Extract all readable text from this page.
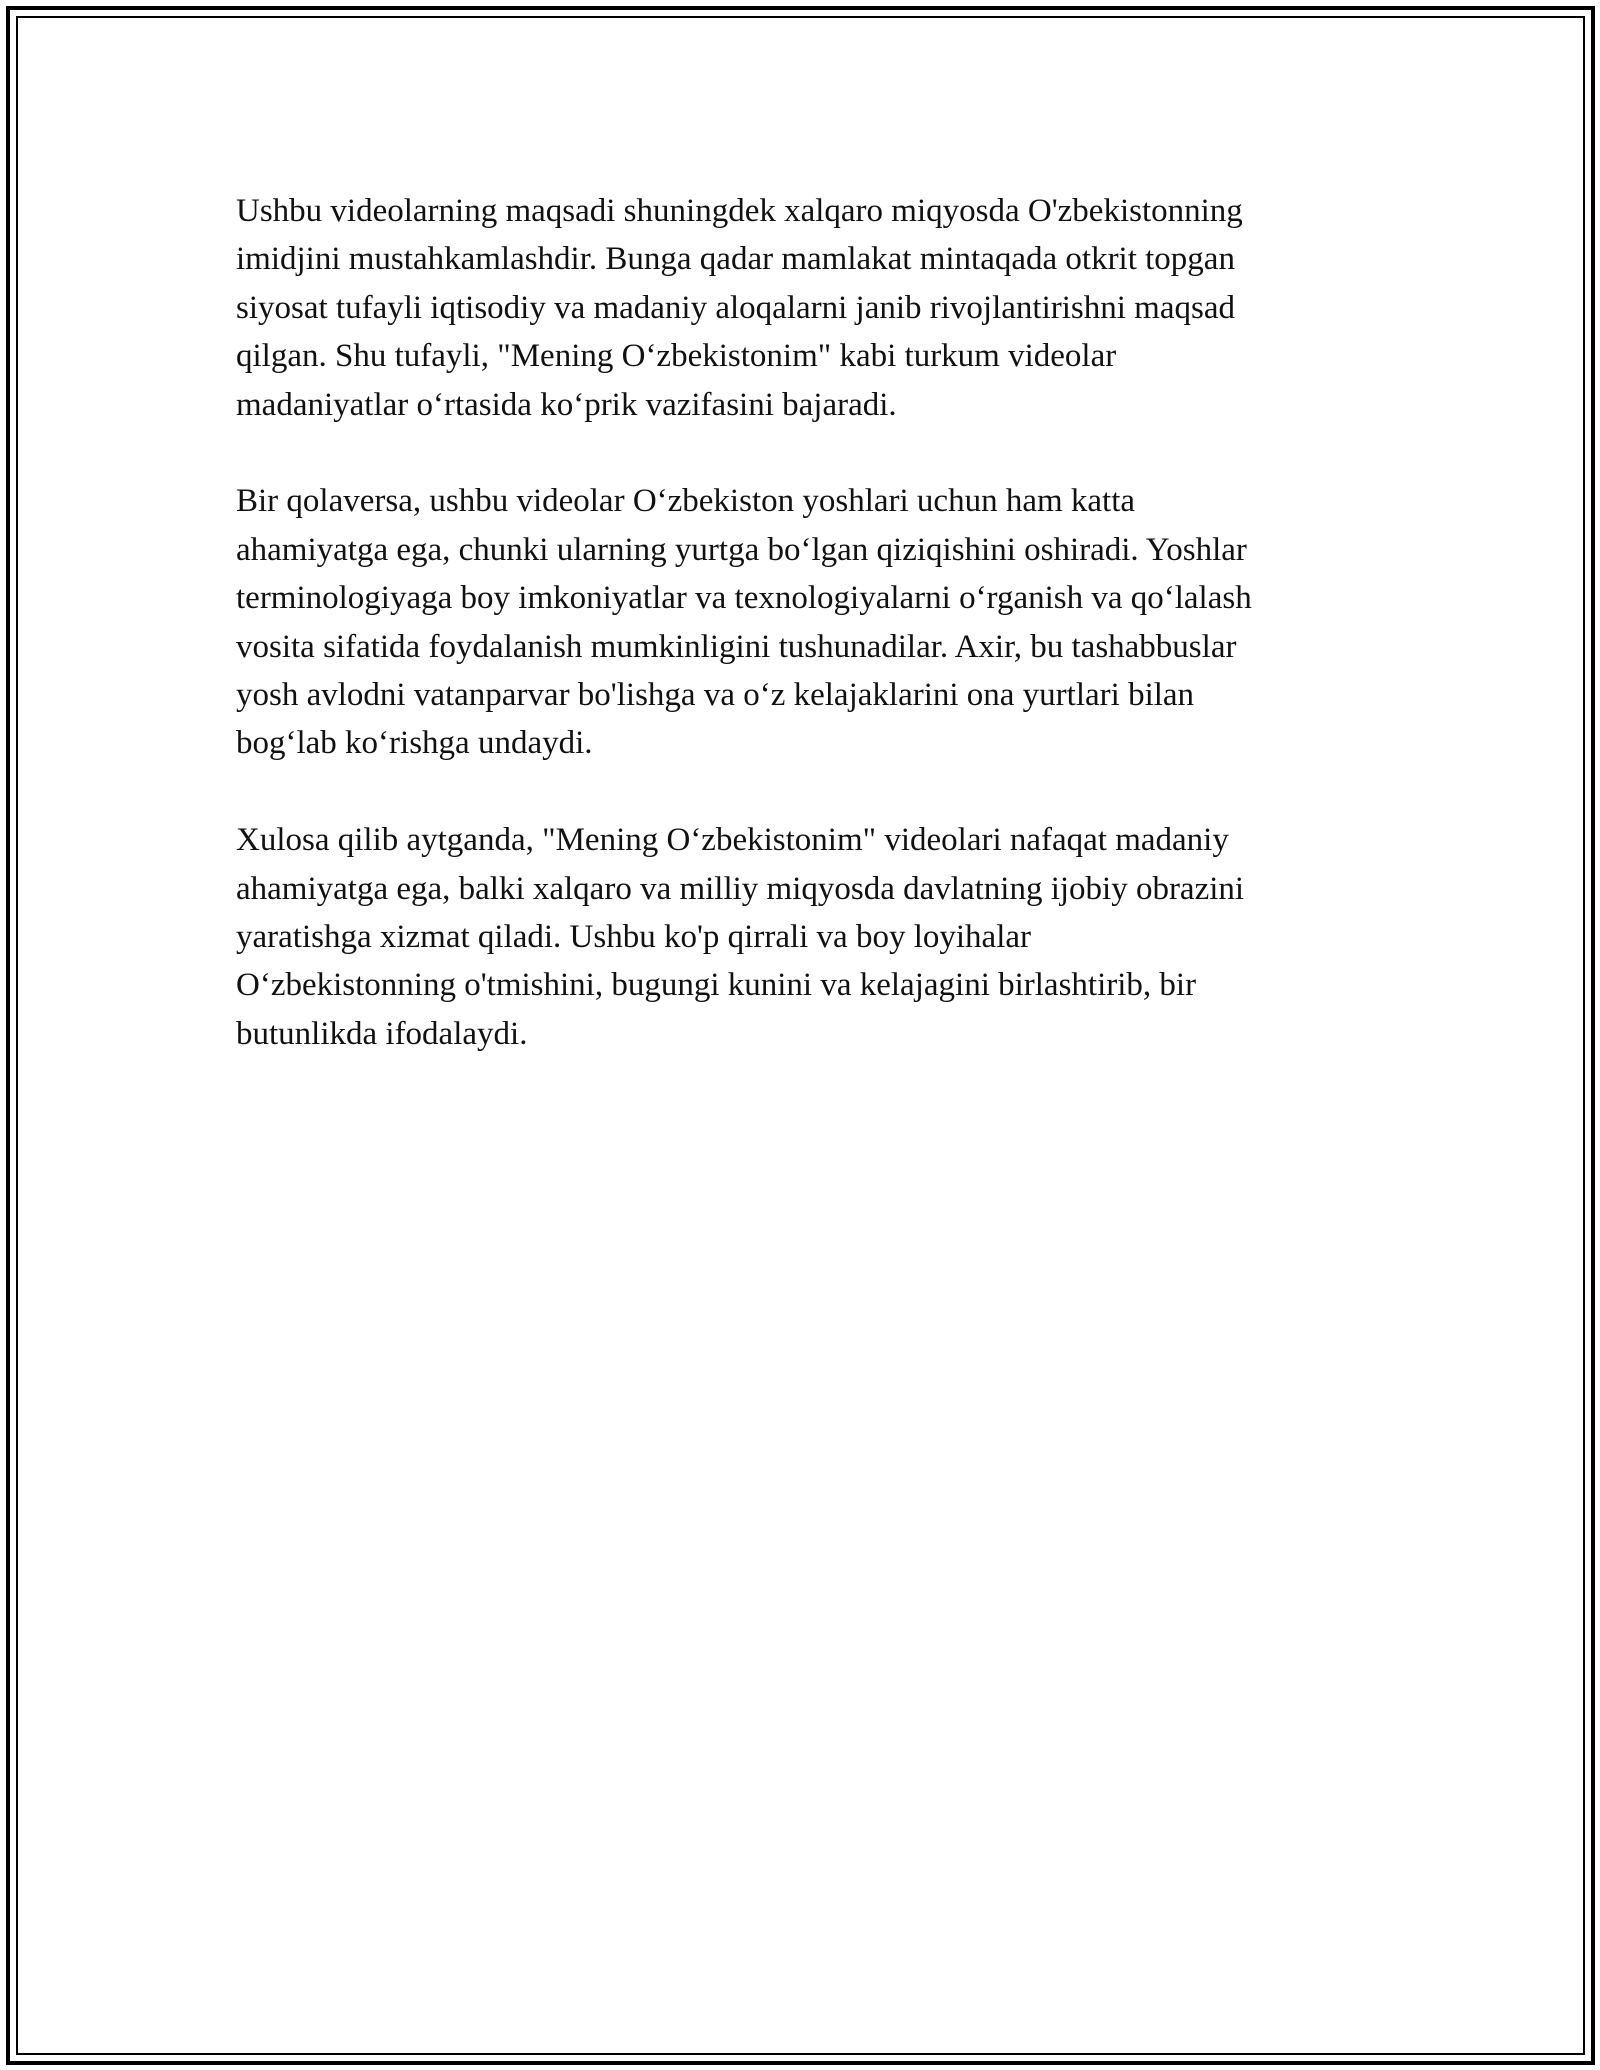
Ushbu videolarning maqsadi shuningdek xalqaro miqyosda O'zbekistonning
imidjini mustahkamlashdir. Bunga qadar mamlakat mintaqada otkrit topgan
siyosat tufayli iqtisodiy va madaniy aloqalarni janib rivojlantirishni maqsad
qilgan. Shu tufayli, "Mening O‘zbekistonim" kabi turkum videolar
madaniyatlar o‘rtasida ko‘prik vazifasini bajaradi.

Bir qolaversa, ushbu videolar O‘zbekiston yoshlari uchun ham katta
ahamiyatga ega, chunki ularning yurtga bo‘lgan qiziqishini oshiradi. Yoshlar
terminologiyaga boy imkoniyatlar va texnologiyalarni o‘rganish va qo‘lalash
vosita sifatida foydalanish mumkinligini tushunadilar. Axir, bu tashabbuslar
yosh avlodni vatanparvar bo'lishga va o‘z kelajaklarini ona yurtlari bilan
bog‘lab ko‘rishga undaydi.

Xulosa qilib aytganda, "Mening O‘zbekistonim" videolari nafaqat madaniy
ahamiyatga ega, balki xalqaro va milliy miqyosda davlatning ijobiy obrazini
yaratishga xizmat qiladi. Ushbu ko'p qirrali va boy loyihalar
O‘zbekistonning o'tmishini, bugungi kunini va kelajagini birlashtirib, bir
butunlikda ifodalaydi.
